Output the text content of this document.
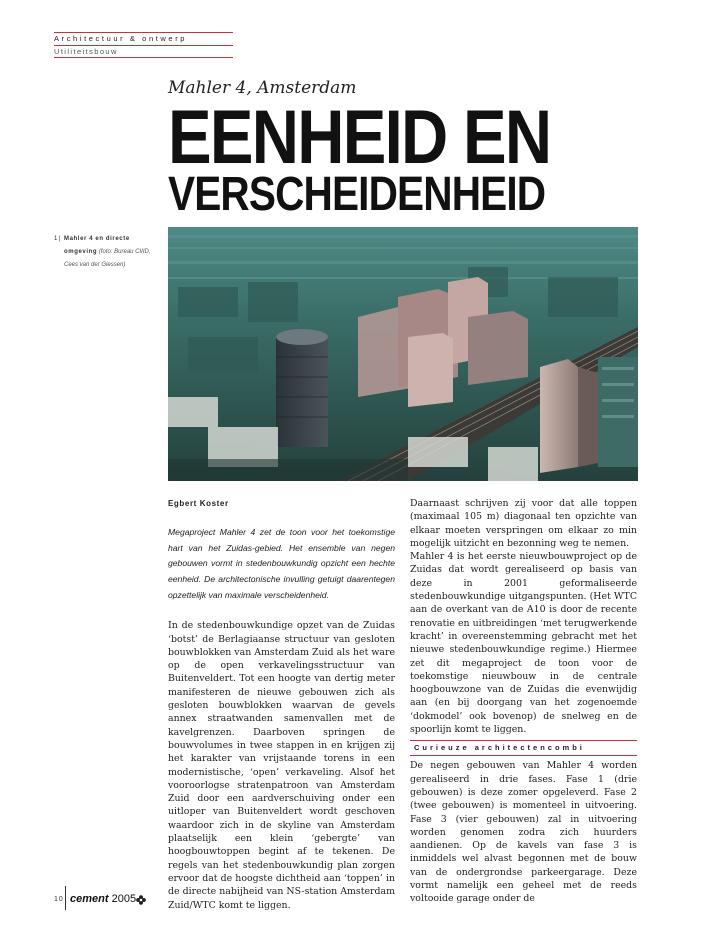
Architectuur & ontwerp
Utiliteitsbouw
Mahler 4, Amsterdam
EENHEID EN
VERSCHEIDENHEID
1 | Mahler 4 en directe omgeving (foto: Bureau CIIID, Cees van der Giessen)

Egbert Koster

Megaproject Mahler 4 zet de toon voor het toekomstige hart van het Zuidas-gebied. Het ensemble van negen gebouwen vormt in stedenbouwkundig opzicht een hechte eenheid. De architectonische invulling getuigt daarentegen opzettelijk van maximale verscheidenheid.

In de stedenbouwkundige opzet van de Zuidas ‘botst’ de Berlagiaanse structuur van gesloten bouwblokken van Amsterdam Zuid als het ware op de open verkavelingsstructuur van Buitenveldert. Tot een hoogte van dertig meter manifesteren de nieuwe gebouwen zich als gesloten bouwblokken waarvan de gevels annex straatwanden samenvallen met de kavelgrenzen. Daarboven springen de bouwvolumes in twee stappen in en krijgen zij het karakter van vrijstaande torens in een modernistische, ‘open’ verkaveling. Alsof het vooroorlogse stratenpatroon van Amsterdam Zuid door een aardverschuiving onder een uitloper van Buitenveldert wordt geschoven waardoor zich in de skyline van Amsterdam plaatselijk een klein ‘gebergte’ van hoogbouwtoppen begint af te tekenen. De regels van het stedenbouwkundig plan zorgen ervoor dat de hoogste dichtheid aan ‘toppen’ in de directe nabijheid van NS-station Amsterdam Zuid/WTC komt te liggen.

Daarnaast schrijven zij voor dat alle toppen (maximaal 105 m) diagonaal ten opzichte van elkaar moeten verspringen om elkaar zo min mogelijk uitzicht en bezonning weg te nemen.

Mahler 4 is het eerste nieuwbouwproject op de Zuidas dat wordt gerealiseerd op basis van deze in 2001 geformaliseerde stedenbouwkundige uitgangspunten. (Het WTC aan de overkant van de A10 is door de recente renovatie en uitbreidingen ‘met terugwerkende kracht’ in overeenstemming gebracht met het nieuwe stedenbouwkundige regime.) Hiermee zet dit megaproject de toon voor de toekomstige nieuwbouw in de centrale hoogbouwzone van de Zuidas die evenwijdig aan (en bij doorgang van het zogenoemde ‘dokmodel’ ook bovenop) de snelweg en de spoorlijn komt te liggen.

Curieuze architectencombi

De negen gebouwen van Mahler 4 worden gerealiseerd in drie fases. Fase 1 (drie gebouwen) is deze zomer opgeleverd. Fase 2 (twee gebouwen) is momenteel in uitvoering. Fase 3 (vier gebouwen) zal in uitvoering worden genomen zodra zich huurders aandienen. Op de kavels van fase 3 is inmiddels wel alvast begonnen met de bouw van de ondergrondse parkeergarage. Deze vormt namelijk een geheel met de reeds voltooide garage onder de

10 cement 2005
